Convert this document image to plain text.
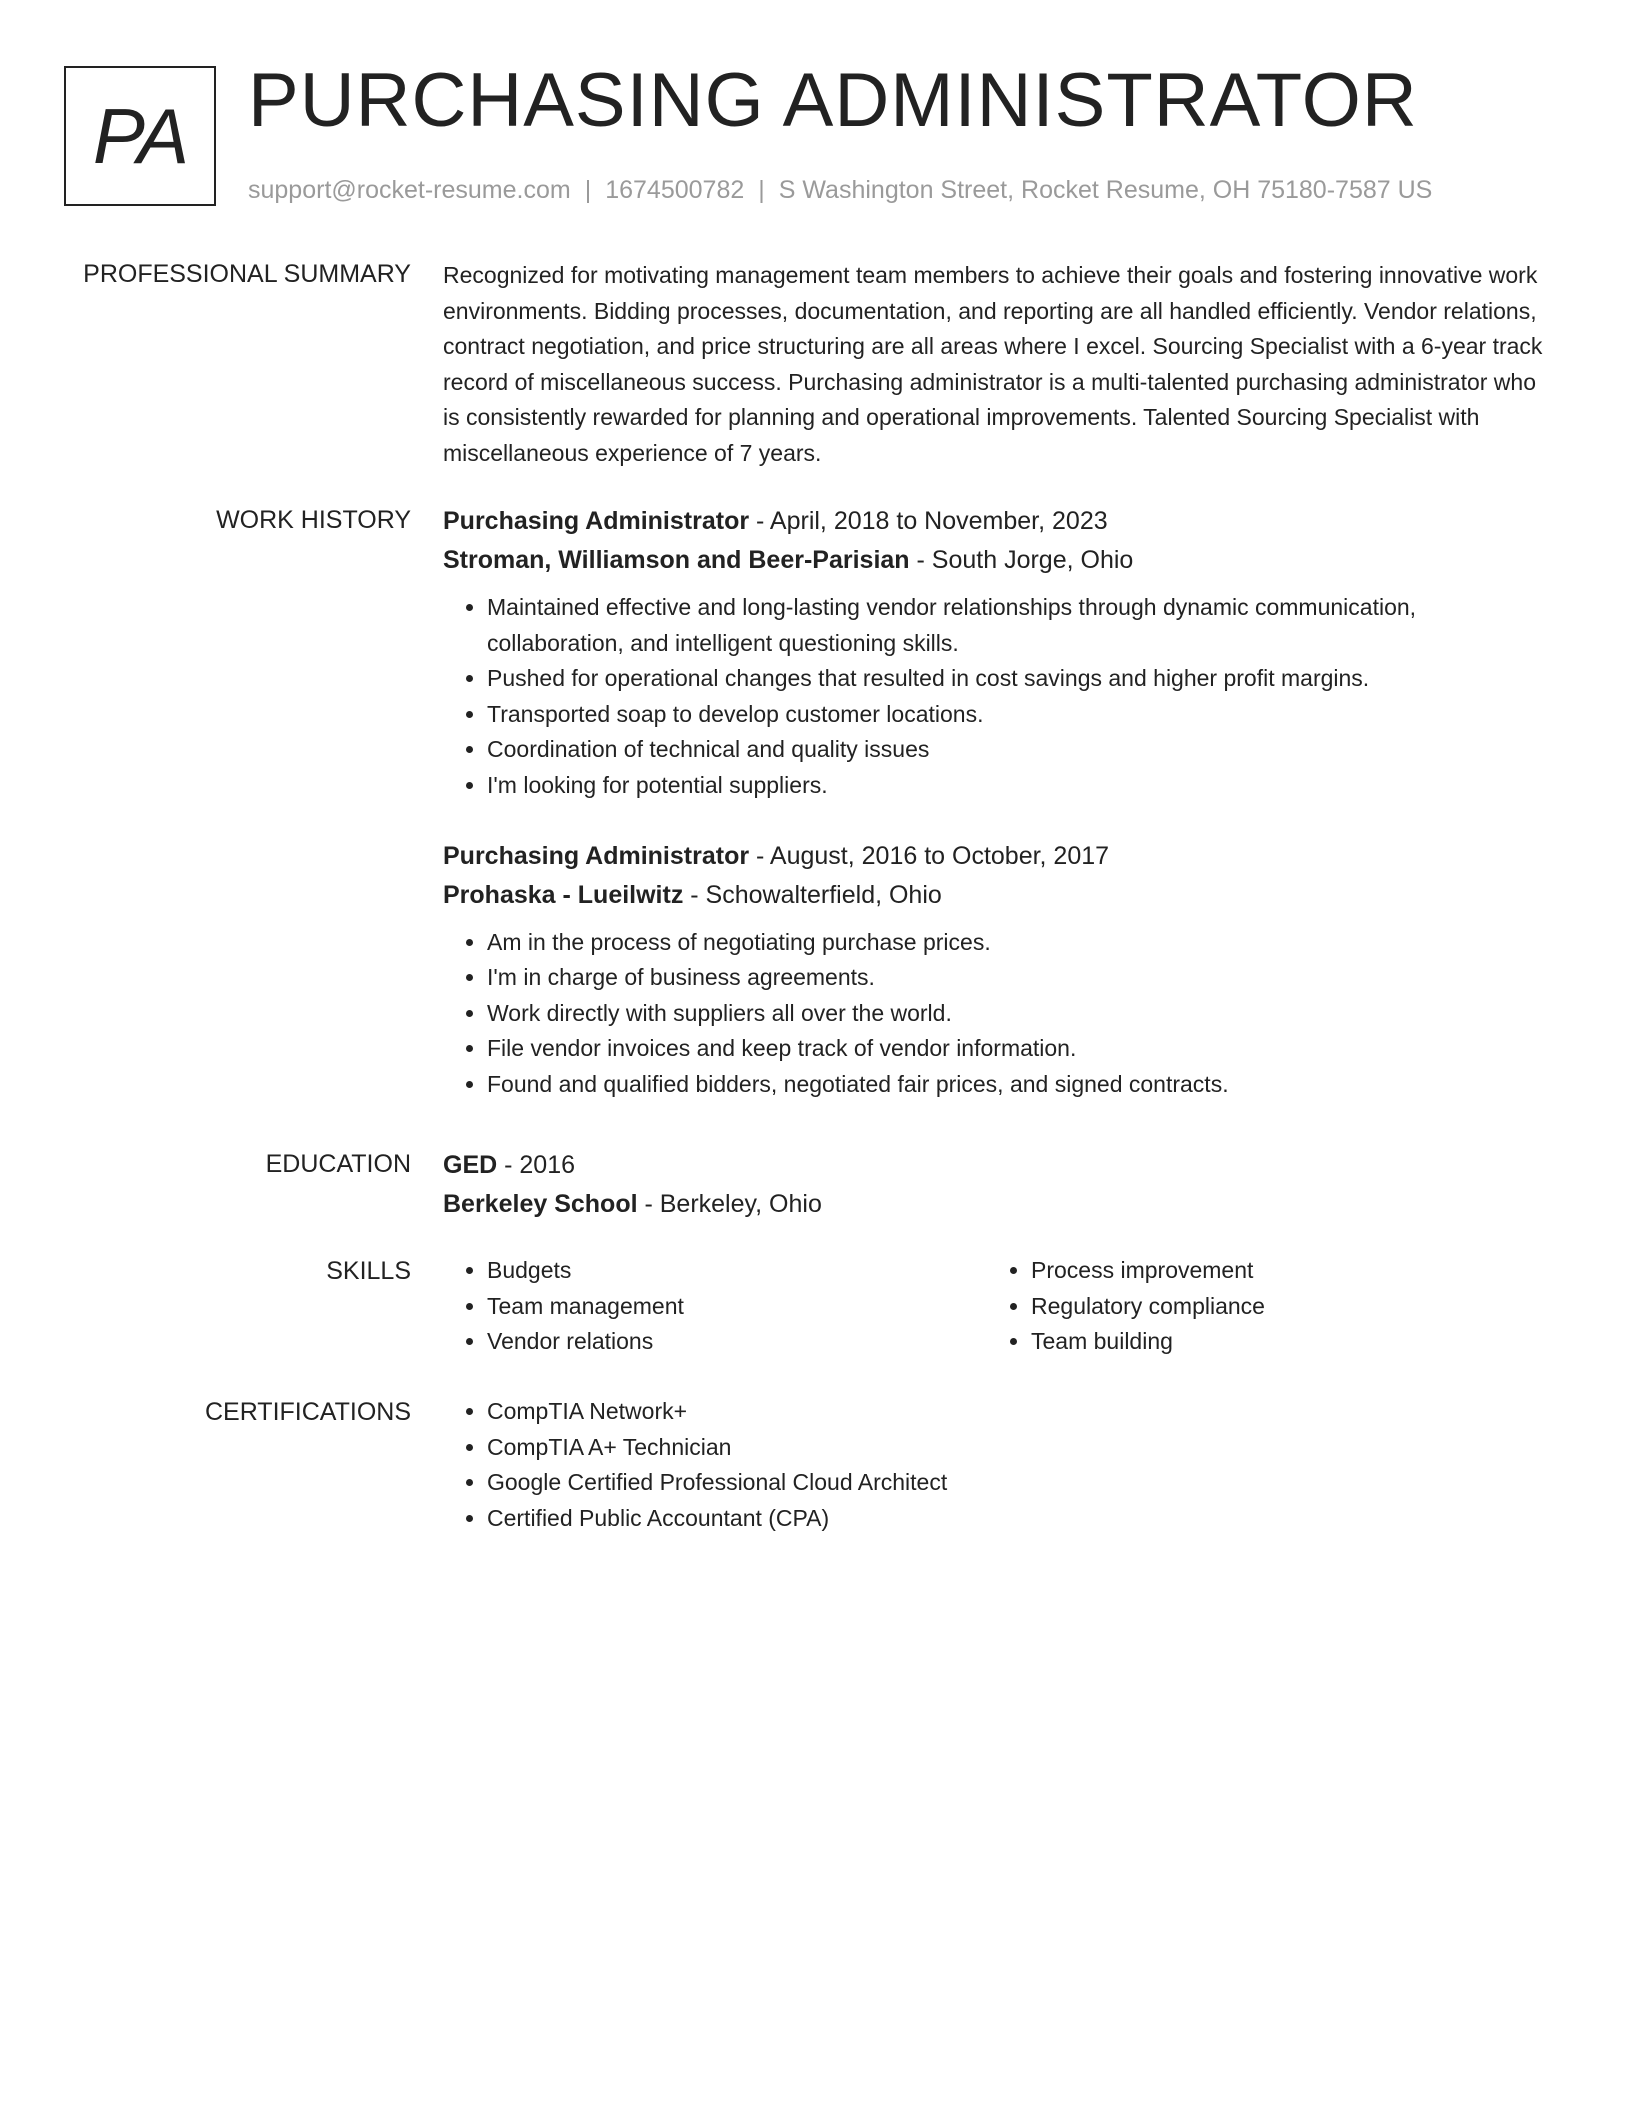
PA PURCHASING ADMINISTRATOR
support@rocket-resume.com | 1674500782 | S Washington Street, Rocket Resume, OH 75180-7587 US
PROFESSIONAL SUMMARY Recognized for motivating management team members to achieve their goals and fostering innovative work environments. Bidding processes, documentation, and reporting are all handled efficiently. Vendor relations, contract negotiation, and price structuring are all areas where I excel. Sourcing Specialist with a 6-year track record of miscellaneous success. Purchasing administrator is a multi-talented purchasing administrator who is consistently rewarded for planning and operational improvements. Talented Sourcing Specialist with miscellaneous experience of 7 years.

WORK HISTORY Purchasing Administrator - April, 2018 to November, 2023
Stroman, Williamson and Beer-Parisian - South Jorge, Ohio
• Maintained effective and long-lasting vendor relationships through dynamic communication, collaboration, and intelligent questioning skills.
• Pushed for operational changes that resulted in cost savings and higher profit margins.
• Transported soap to develop customer locations.
• Coordination of technical and quality issues
• I'm looking for potential suppliers.
Purchasing Administrator - August, 2016 to October, 2017
Prohaska - Lueilwitz - Schowalterfield, Ohio
• Am in the process of negotiating purchase prices.
• I'm in charge of business agreements.
• Work directly with suppliers all over the world.
• File vendor invoices and keep track of vendor information.
• Found and qualified bidders, negotiated fair prices, and signed contracts.
EDUCATION GED - 2016
Berkeley School - Berkeley, Ohio
SKILLS	• Budgets
• Team management
• Vendor relations
• Process improvement
• Regulatory compliance
• Team building
CERTIFICATIONS	• CompTIA Network+
• CompTIA A+ Technician
• Google Certified Professional Cloud Architect
• Certified Public Accountant (CPA)
